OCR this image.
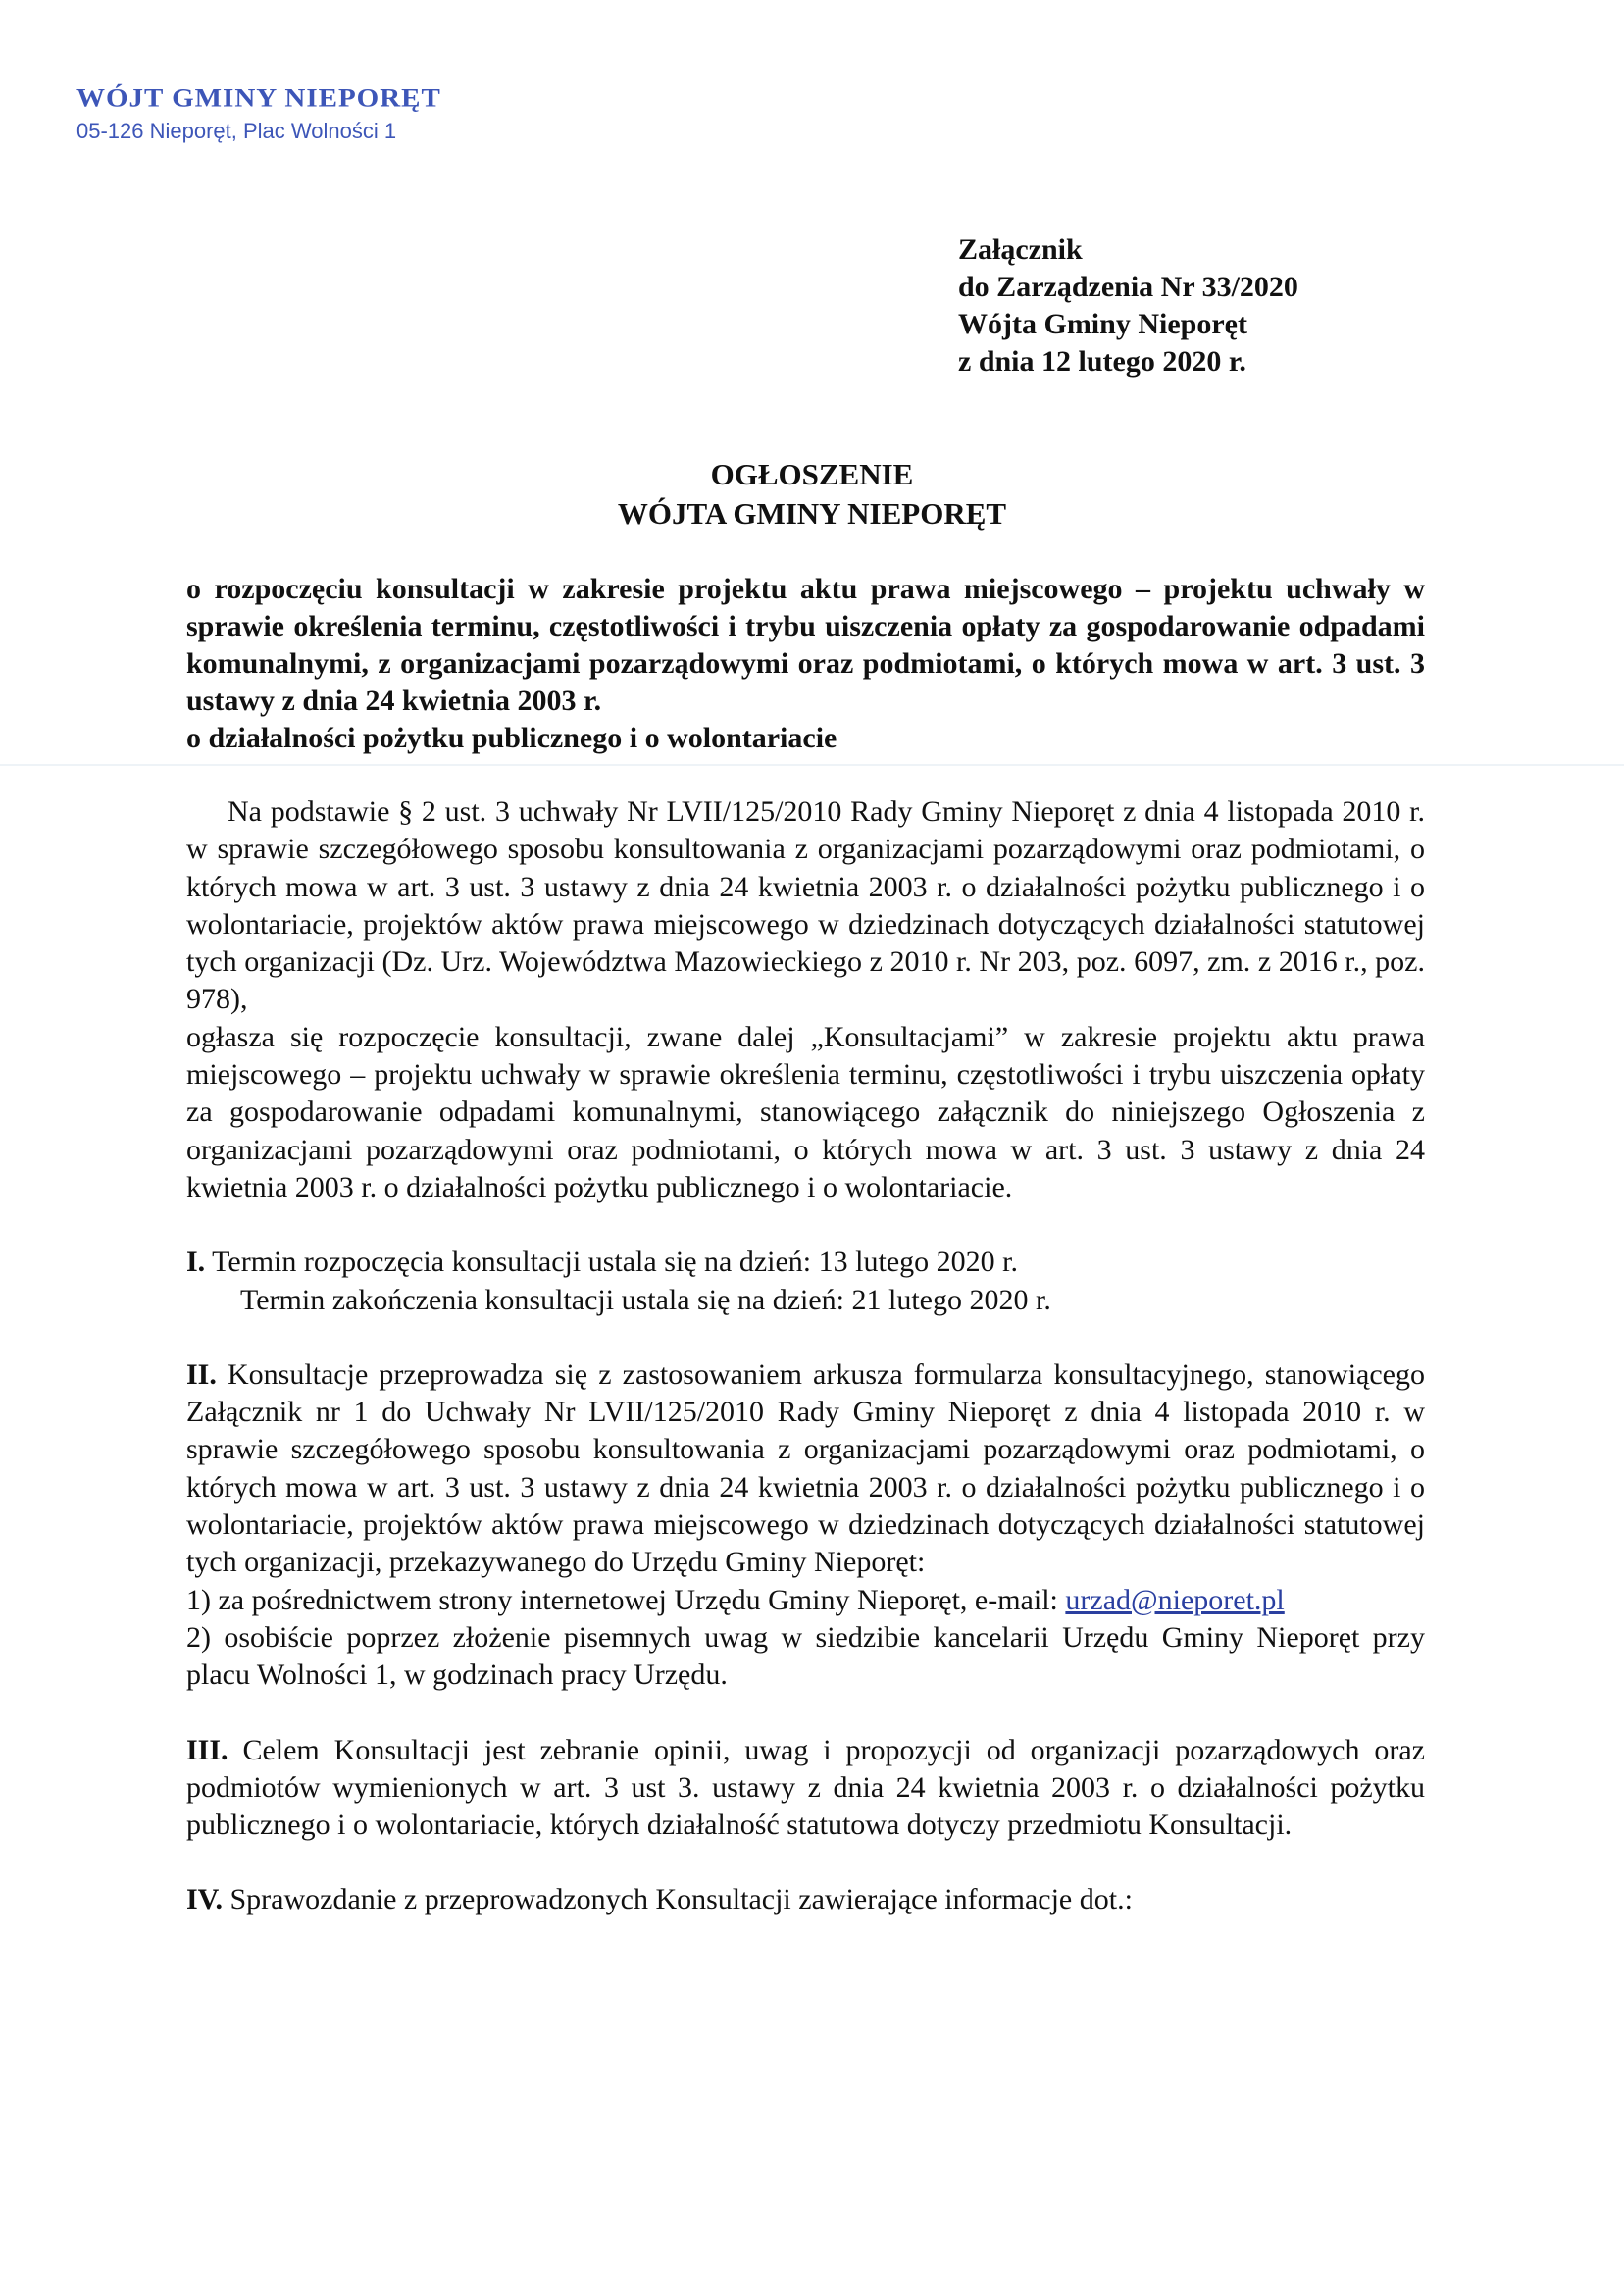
WÓJT GMINY NIEPORĘT
05-126 Nieporęt, Plac Wolności 1
Załącznik
do Zarządzenia Nr 33/2020
Wójta Gminy Nieporęt
z dnia 12 lutego 2020 r.
OGŁOSZENIE
WÓJTA GMINY NIEPORĘT
o rozpoczęciu konsultacji w zakresie projektu aktu prawa miejscowego – projektu uchwały w sprawie określenia terminu, częstotliwości i trybu uiszczenia opłaty za gospodarowanie odpadami komunalnymi, z organizacjami pozarządowymi oraz podmiotami, o których mowa w art. 3 ust. 3 ustawy z dnia 24 kwietnia 2003 r.
o działalności pożytku publicznego i o wolontariacie

Na podstawie § 2 ust. 3 uchwały Nr LVII/125/2010 Rady Gminy Nieporęt z dnia 4 listopada 2010 r. w sprawie szczegółowego sposobu konsultowania z organizacjami pozarządowymi oraz podmiotami, o których mowa w art. 3 ust. 3 ustawy z dnia 24 kwietnia 2003 r. o działalności pożytku publicznego i o wolontariacie, projektów aktów prawa miejscowego w dziedzinach dotyczących działalności statutowej tych organizacji (Dz. Urz. Województwa Mazowieckiego z 2010 r. Nr 203, poz. 6097, zm. z 2016 r., poz. 978),

ogłasza się rozpoczęcie konsultacji, zwane dalej „Konsultacjami” w zakresie projektu aktu prawa miejscowego – projektu uchwały w sprawie określenia terminu, częstotliwości i trybu uiszczenia opłaty za gospodarowanie odpadami komunalnymi, stanowiącego załącznik do niniejszego Ogłoszenia z organizacjami pozarządowymi oraz podmiotami, o których mowa w art. 3 ust. 3 ustawy z dnia 24 kwietnia 2003 r. o działalności pożytku publicznego i o wolontariacie.

I. Termin rozpoczęcia konsultacji ustala się na dzień: 13 lutego 2020 r.

Termin zakończenia konsultacji ustala się na dzień: 21 lutego 2020 r.

II. Konsultacje przeprowadza się z zastosowaniem arkusza formularza konsultacyjnego, stanowiącego Załącznik nr 1 do Uchwały Nr LVII/125/2010 Rady Gminy Nieporęt z dnia 4 listopada 2010 r. w sprawie szczegółowego sposobu konsultowania z organizacjami pozarządowymi oraz podmiotami, o których mowa w art. 3 ust. 3 ustawy z dnia 24 kwietnia 2003 r. o działalności pożytku publicznego i o wolontariacie, projektów aktów prawa miejscowego w dziedzinach dotyczących działalności statutowej tych organizacji, przekazywanego do Urzędu Gminy Nieporęt:

1) za pośrednictwem strony internetowej Urzędu Gminy Nieporęt, e-mail: urzad@nieporet.pl

2) osobiście poprzez złożenie pisemnych uwag w siedzibie kancelarii Urzędu Gminy Nieporęt przy placu Wolności 1, w godzinach pracy Urzędu.

III. Celem Konsultacji jest zebranie opinii, uwag i propozycji od organizacji pozarządowych oraz podmiotów wymienionych w art. 3 ust 3. ustawy z dnia 24 kwietnia 2003 r. o działalności pożytku publicznego i o wolontariacie, których działalność statutowa dotyczy przedmiotu Konsultacji.

IV. Sprawozdanie z przeprowadzonych Konsultacji zawierające informacje dot.:
